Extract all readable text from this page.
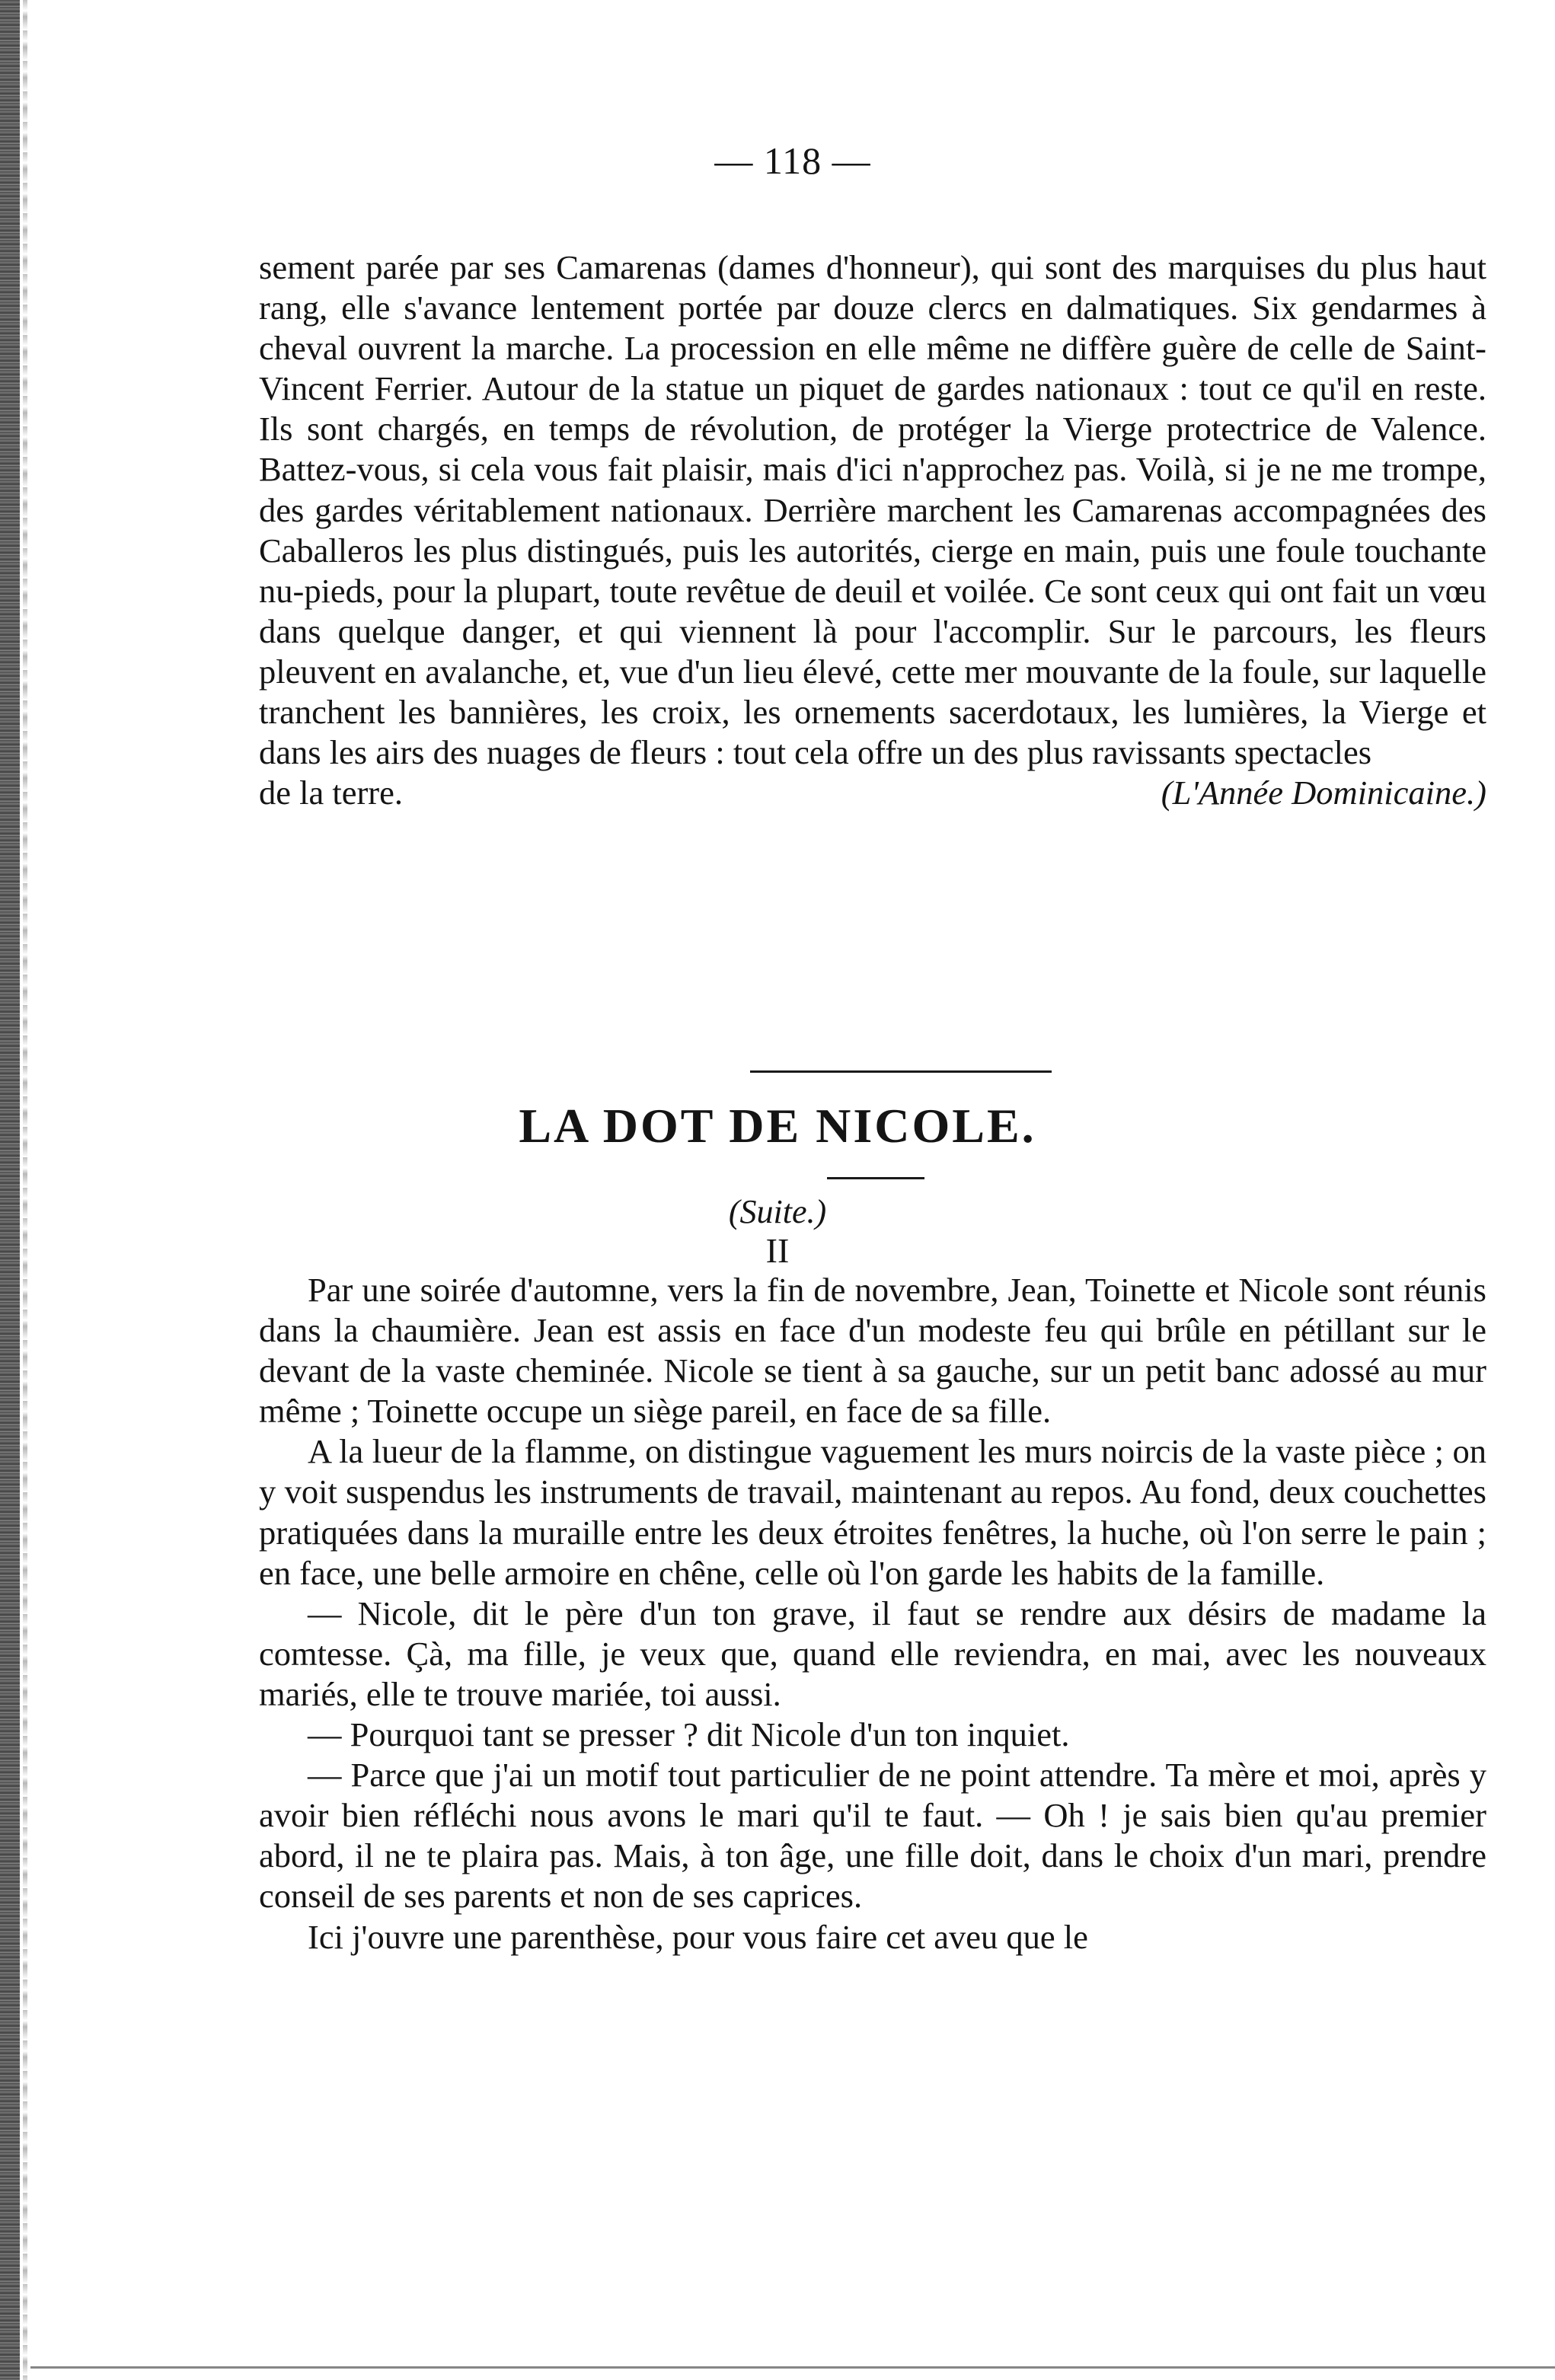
— 118 —

sement parée par ses Camarenas (dames d'honneur), qui sont des marquises du plus haut rang, elle s'avance lentement portée par douze clercs en dalmatiques. Six gendarmes à cheval ouvrent la marche. La procession en elle même ne diffère guère de celle de Saint-Vincent Ferrier. Autour de la statue un piquet de gardes nationaux : tout ce qu'il en reste. Ils sont chargés, en temps de révolution, de protéger la Vierge protectrice de Valence. Battez-vous, si cela vous fait plaisir, mais d'ici n'approchez pas. Voilà, si je ne me trompe, des gardes véritablement nationaux. Derrière marchent les Camarenas accompagnées des Caballeros les plus distingués, puis les autorités, cierge en main, puis une foule touchante nu-pieds, pour la plupart, toute revêtue de deuil et voilée. Ce sont ceux qui ont fait un vœu dans quelque danger, et qui viennent là pour l'accomplir. Sur le parcours, les fleurs pleuvent en avalanche, et, vue d'un lieu élevé, cette mer mouvante de la foule, sur laquelle tranchent les bannières, les croix, les ornements sacerdotaux, les lumières, la Vierge et dans les airs des nuages de fleurs : tout cela offre un des plus ravissants spectacles

de la terre.	(L'Année Dominicaine.)
LA DOT DE NICOLE.
(Suite.)
II

Par une soirée d'automne, vers la fin de novembre, Jean, Toinette et Nicole sont réunis dans la chaumière. Jean est assis en face d'un modeste feu qui brûle en pétillant sur le devant de la vaste cheminée. Nicole se tient à sa gauche, sur un petit banc adossé au mur même ; Toinette occupe un siège pareil, en face de sa fille.

A la lueur de la flamme, on distingue vaguement les murs noircis de la vaste pièce ; on y voit suspendus les instruments de travail, maintenant au repos. Au fond, deux couchettes pratiquées dans la muraille entre les deux étroites fenêtres, la huche, où l'on serre le pain ; en face, une belle armoire en chêne, celle où l'on garde les habits de la famille.

— Nicole, dit le père d'un ton grave, il faut se rendre aux désirs de madame la comtesse. Çà, ma fille, je veux que, quand elle reviendra, en mai, avec les nouveaux mariés, elle te trouve mariée, toi aussi.

— Pourquoi tant se presser ? dit Nicole d'un ton inquiet.

— Parce que j'ai un motif tout particulier de ne point attendre. Ta mère et moi, après y avoir bien réfléchi nous avons le mari qu'il te faut. — Oh ! je sais bien qu'au premier abord, il ne te plaira pas. Mais, à ton âge, une fille doit, dans le choix d'un mari, prendre conseil de ses parents et non de ses caprices.

Ici j'ouvre une parenthèse, pour vous faire cet aveu que le
